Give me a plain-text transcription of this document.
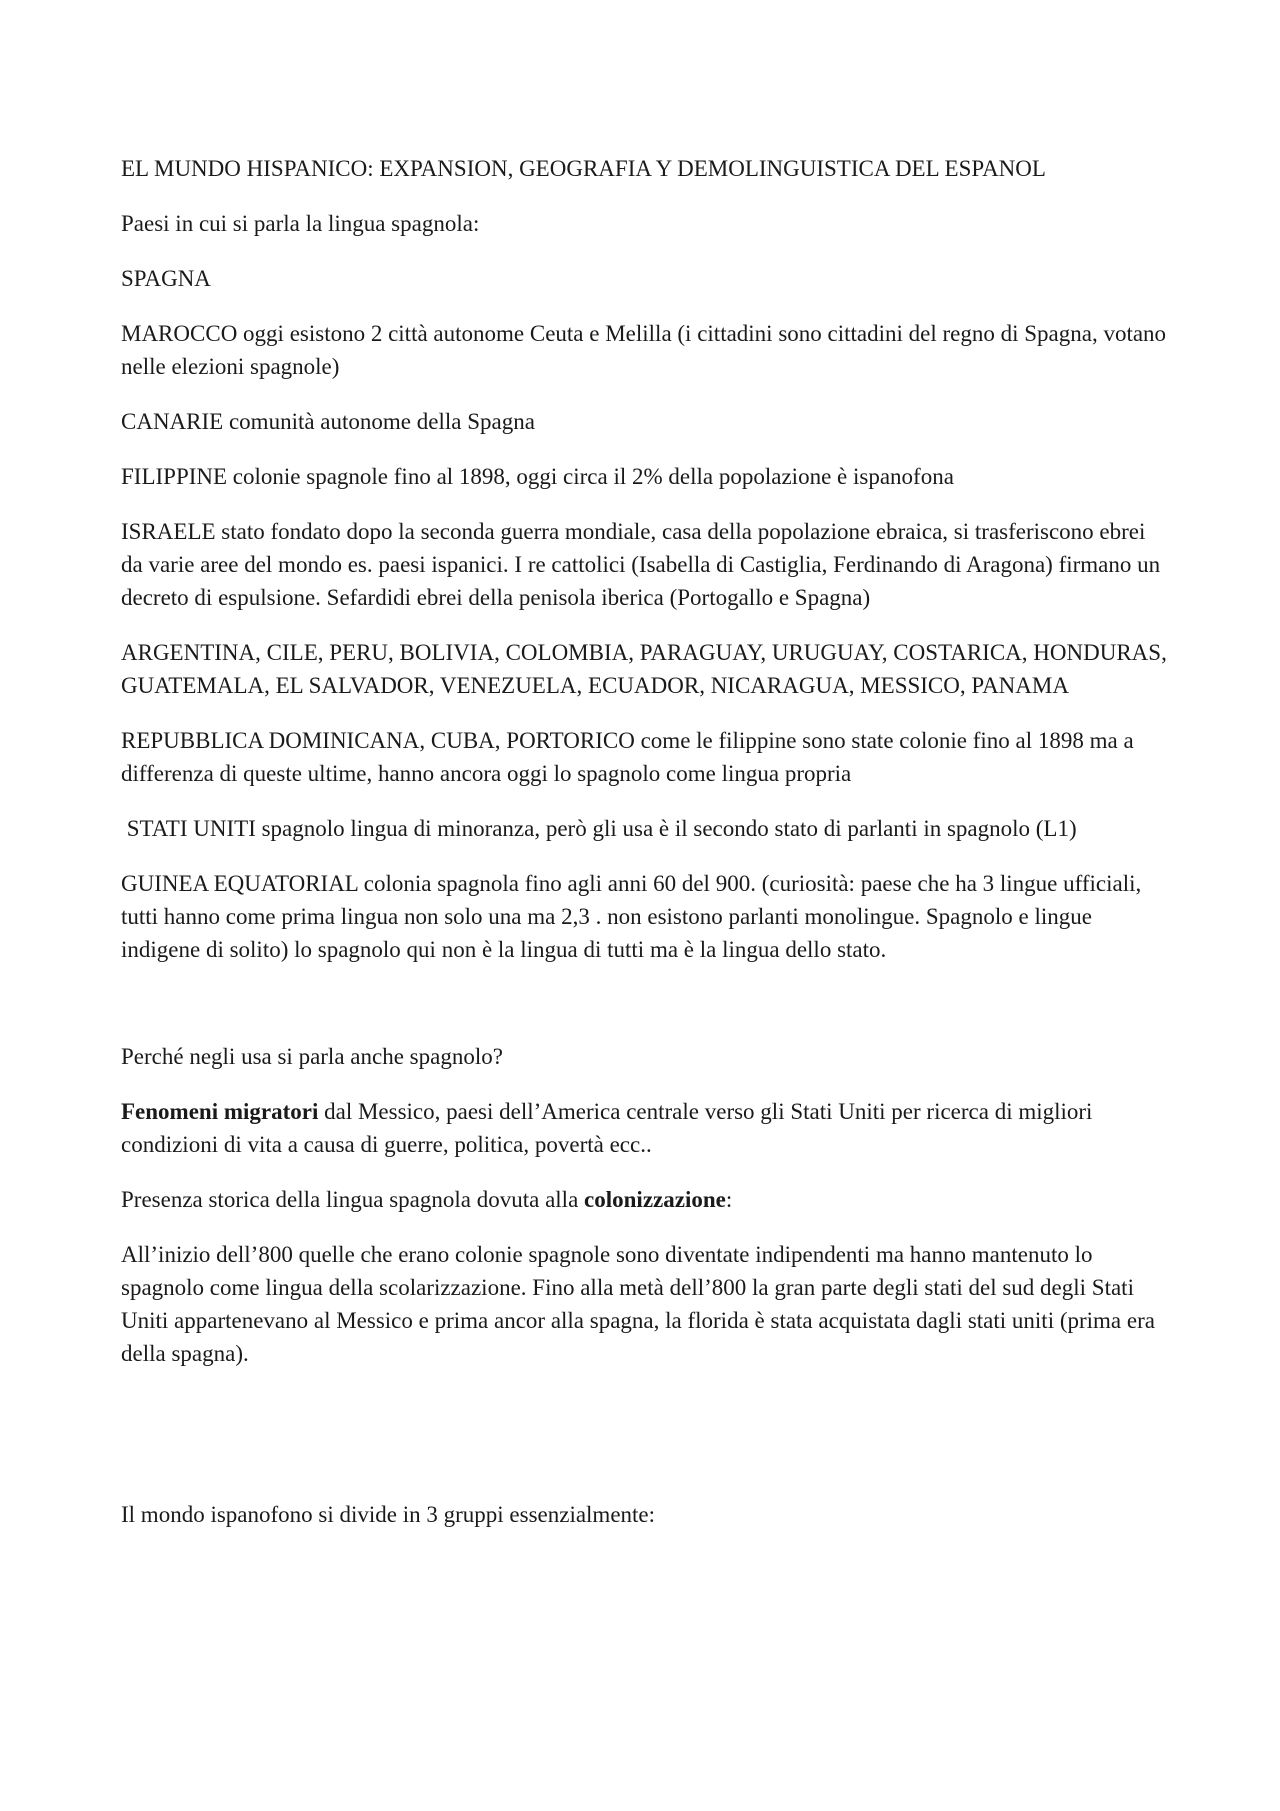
EL MUNDO HISPANICO: EXPANSION, GEOGRAFIA Y DEMOLINGUISTICA DEL ESPANOL

Paesi in cui si parla la lingua spagnola:

SPAGNA

MAROCCO oggi esistono 2 città autonome Ceuta e Melilla (i cittadini sono cittadini del regno di Spagna, votano nelle elezioni spagnole)

CANARIE comunità autonome della Spagna

FILIPPINE colonie spagnole fino al 1898, oggi circa il 2% della popolazione è ispanofona

ISRAELE stato fondato dopo la seconda guerra mondiale, casa della popolazione ebraica, si trasferiscono ebrei da varie aree del mondo es. paesi ispanici. I re cattolici (Isabella di Castiglia, Ferdinando di Aragona) firmano un decreto di espulsione. Sefardidi ebrei della penisola iberica (Portogallo e Spagna)

ARGENTINA, CILE, PERU, BOLIVIA, COLOMBIA, PARAGUAY, URUGUAY, COSTARICA, HONDURAS, GUATEMALA, EL SALVADOR, VENEZUELA, ECUADOR, NICARAGUA, MESSICO, PANAMA

REPUBBLICA DOMINICANA, CUBA, PORTORICO come le filippine sono state colonie fino al 1898 ma a differenza di queste ultime, hanno ancora oggi lo spagnolo come lingua propria

STATI UNITI spagnolo lingua di minoranza, però gli usa è il secondo stato di parlanti in spagnolo (L1)

GUINEA EQUATORIAL colonia spagnola fino agli anni 60 del 900. (curiosità: paese che ha 3 lingue ufficiali, tutti hanno come prima lingua non solo una ma 2,3 . non esistono parlanti monolingue. Spagnolo e lingue indigene di solito) lo spagnolo qui non è la lingua di tutti ma è la lingua dello stato.

Perché negli usa si parla anche spagnolo?

Fenomeni migratori dal Messico, paesi dell’America centrale verso gli Stati Uniti per ricerca di migliori condizioni di vita a causa di guerre, politica, povertà ecc..

Presenza storica della lingua spagnola dovuta alla colonizzazione:

All’inizio dell’800 quelle che erano colonie spagnole sono diventate indipendenti ma hanno mantenuto lo spagnolo come lingua della scolarizzazione. Fino alla metà dell’800 la gran parte degli stati del sud degli Stati Uniti appartenevano al Messico e prima ancor alla spagna, la florida è stata acquistata dagli stati uniti (prima era della spagna).

Il mondo ispanofono si divide in 3 gruppi essenzialmente:
